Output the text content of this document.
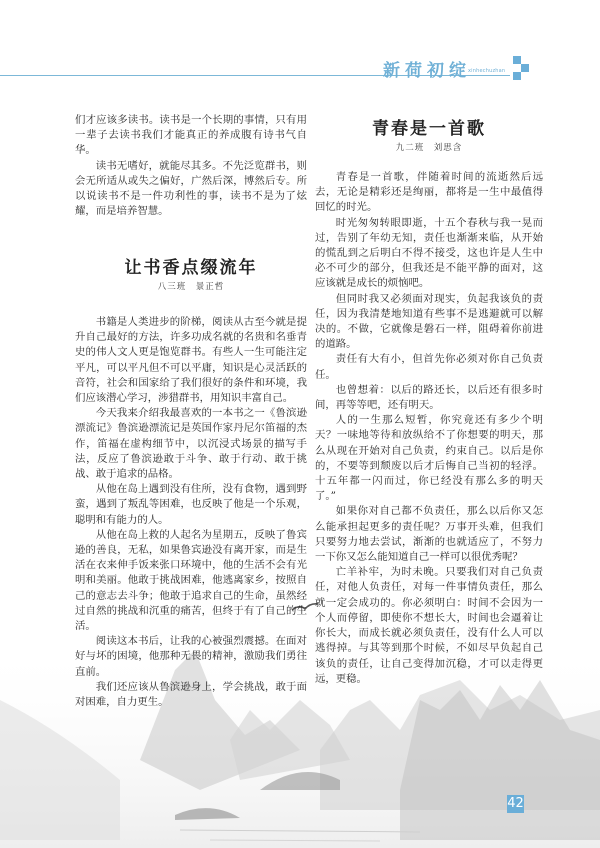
新荷初绽
xinhechuzhan

们才应该多读书。读书是一个长期的事情，只有用一辈子去读书我们才能真正的养成腹有诗书气自华。

读书无嗜好，就能尽其多。不先泛览群书，则会无所适从或失之偏好，广然后深，博然后专。所以说读书不是一件功利性的事，读书不是为了炫耀，而是培养智慧。

让书香点缀流年
八三班　景正哲

书籍是人类进步的阶梯，阅读从古至今就是提升自己最好的方法，许多功成名就的名贵和名垂青史的伟人文人更是饱览群书。有些人一生可能注定平凡，可以平凡但不可以平庸，知识是心灵活跃的音符，社会和国家给了我们很好的条件和环境，我们应该潜心学习，涉猎群书，用知识丰富自己。

今天我来介绍我最喜欢的一本书之一《鲁滨逊漂流记》鲁滨逊漂流记是英国作家丹尼尔笛福的杰作，笛福在虚构细节中，以沉浸式场景的描写手法，反应了鲁滨逊敢于斗争、敢于行动、敢于挑战、敢于追求的品格。

从他在岛上遇到没有住所，没有食物，遇到野蛮，遇到了叛乱等困难，也反映了他是一个乐观，聪明和有能力的人。

从他在岛上救的人起名为星期五，反映了鲁宾逊的善良，无私，如果鲁宾逊没有离开家，而是生活在衣来伸手饭来张口环境中，他的生活不会有光明和美丽。他敢于挑战困难，他逃离家乡，按照自己的意志去斗争；他敢于追求自己的生命，虽然经过自然的挑战和沉重的痛苦，但终于有了自己的生活。

阅读这本书后，让我的心被强烈震撼。在面对好与坏的困境，他那种无畏的精神，激励我们勇往直前。

我们还应该从鲁滨逊身上，学会挑战，敢于面对困难，自力更生。

青春是一首歌
九二班　刘思含

青春是一首歌，伴随着时间的流逝然后远去，无论是精彩还是绚丽，都将是一生中最值得回忆的时光。

时光匆匆转眼即逝，十五个春秋与我一晃而过，告别了年幼无知，责任也渐渐来临，从开始的慌乱到之后明白不得不接受，这也许是人生中必不可少的部分，但我还是不能平静的面对，这应该就是成长的烦恼吧。

但同时我又必须面对现实，负起我该负的责任，因为我清楚地知道有些事不是逃避就可以解决的。不做，它就像是磐石一样，阻碍着你前进的道路。

责任有大有小，但首先你必须对你自己负责任。

也曾想着：以后的路还长，以后还有很多时间，再等等吧，还有明天。

人的一生那么短暂，你究竟还有多少个明天？一味地等待和放纵给不了你想要的明天，那么从现在开始对自己负责，约束自己。以后是你的，不要等到颓废以后才后悔自己当初的轻浮。十五年都一闪而过，你已经没有那么多的明天了。”

如果你对自己都不负责任，那么以后你又怎么能承担起更多的责任呢？万事开头难，但我们只要努力地去尝试，渐渐的也就适应了，不努力一下你又怎么能知道自己一样可以很优秀呢？

亡羊补牢，为时未晚。只要我们对自己负责任，对他人负责任，对每一件事情负责任，那么就一定会成功的。你必须明白：时间不会因为一个人而停留，即使你不想长大，时间也会逼着让你长大，而成长就必须负责任，没有什么人可以逃得掉。与其等到那个时候，不如尽早负起自己该负的责任，让自己变得加沉稳，才可以走得更远，更稳。

42
